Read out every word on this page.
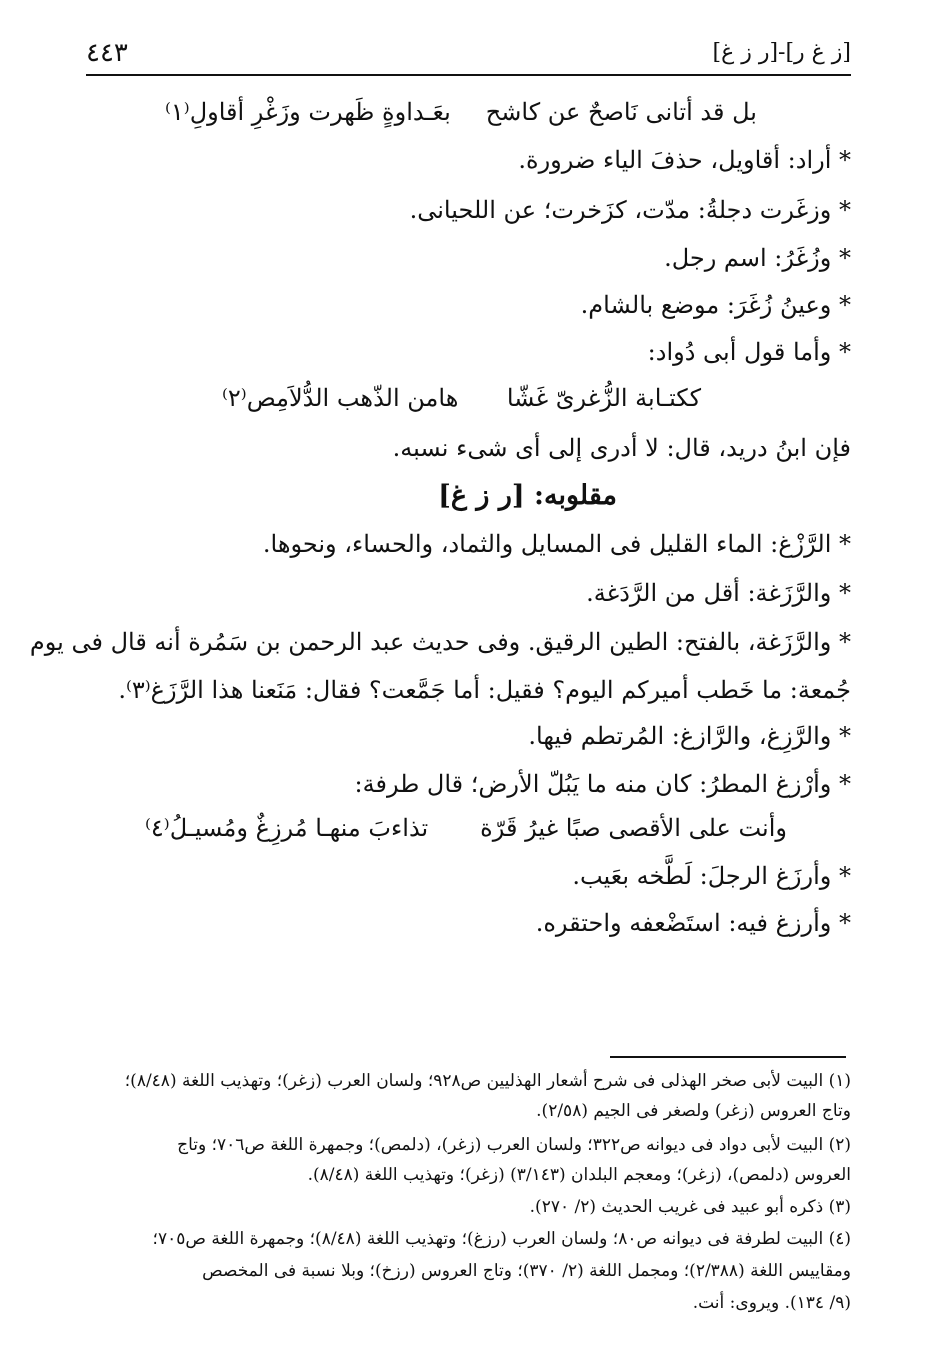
٤٤٣	[ز غ ر]-[ر ز غ]
بل قد أتانى نَاصحٌ عن كاشح
بعَـداوةٍ ظَهرت وزَغْرِ أقاولِ⁽١⁾
* أراد: أقاويل، حذفَ الياء ضرورة.
* وزغَرت دجلةُ: مدّت، كزَخرت؛ عن اللحيانى.
* وزُغَرُ: اسم رجل.
* وعينُ زُغَرَ: موضع بالشام.
* وأما قول أبى دُواد:
ككتـابة الزُّغرىّ غَشّا
هامن الذّهب الدُّلاَمِص⁽٢⁾
فإن ابنُ دريد، قال: لا أدرى إلى أى شىء نسبه.
مقلوبه: [ر ز غ]
* الرَّزْغ: الماء القليل فى المسايل والثماد، والحساء، ونحوها.
* والرَّزَغة: أقل من الرَّدَغة.
* والرَّزَغة، بالفتح: الطين الرقيق. وفى حديث عبد الرحمن بن سَمُرة أنه قال فى يوم
جُمعة: ما خَطب أميركم اليوم؟ فقيل: أما جَمَّعت؟ فقال: مَنَعنا هذا الرَّزَغ⁽٣⁾.
* والرَّزِغ، والرَّازغ: المُرتطم فيها.
* وأرْزغ المطرُ: كان منه ما يَبُلّ الأرض؛ قال طرفة:
وأنت على الأقصى صبًا غيرُ قَرّة
تذاءبَ منهـا مُرزِغٌ ومُسيـلُ⁽٤⁾
* وأرزَغ الرجلَ: لَطَّخه بعَيب.
* وأرزغ فيه: استَضْعفه واحتقره.
(١) البيت لأبى صخر الهذلى فى شرح أشعار الهذليين ص٩٢٨؛ ولسان العرب (زغر)؛ وتهذيب اللغة (٨/٤٨)؛
وتاج العروس (زغر) ولصغر فى الجيم (٢/٥٨).
(٢) البيت لأبى دواد فى ديوانه ص٣٢٢؛ ولسان العرب (زغر)، (دلمص)؛ وجمهرة اللغة ص٧٠٦؛ وتاج
العروس (دلمص)، (زغر)؛ ومعجم البلدان (٣/١٤٣) (زغر)؛ وتهذيب اللغة (٨/٤٨).
(٣) ذكره أبو عبيد فى غريب الحديث (٢/ ٢٧٠).
(٤) البيت لطرفة فى ديوانه ص٨٠؛ ولسان العرب (رزغ)؛ وتهذيب اللغة (٨/٤٨)؛ وجمهرة اللغة ص٧٠٥؛
ومقاييس اللغة (٢/٣٨٨)؛ ومجمل اللغة (٢/ ٣٧٠)؛ وتاج العروس (رزخ)؛ وبلا نسبة فى المخصص
(٩/ ١٣٤). ويروى: أنت.
